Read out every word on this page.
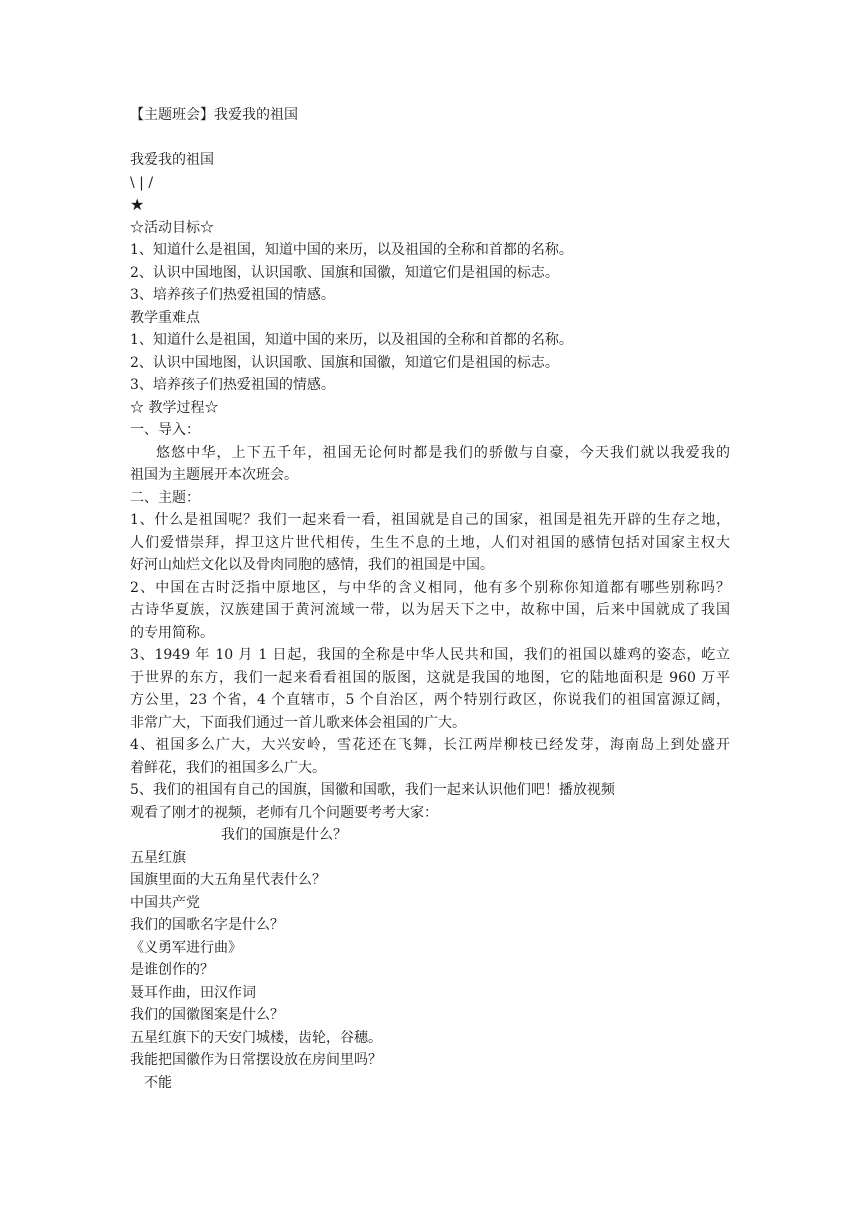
【主题班会】我爱我的祖国
我爱我的祖国
\ | /
★
☆活动目标☆
1、知道什么是祖国，知道中国的来历，以及祖国的全称和首都的名称。
2、认识中国地图，认识国歌、国旗和国徽，知道它们是祖国的标志。
3、培养孩子们热爱祖国的情感。
教学重难点
1、知道什么是祖国，知道中国的来历，以及祖国的全称和首都的名称。
2、认识中国地图，认识国歌、国旗和国徽，知道它们是祖国的标志。
3、培养孩子们热爱祖国的情感。
☆ 教学过程☆
一、导入：
悠悠中华，上下五千年，祖国无论何时都是我们的骄傲与自豪，今天我们就以我爱我的
祖国为主题展开本次班会。
二、主题：
1、什么是祖国呢？我们一起来看一看，祖国就是自己的国家，祖国是祖先开辟的生存之地，
人们爱惜崇拜，捍卫这片世代相传，生生不息的土地，人们对祖国的感情包括对国家主权大
好河山灿烂文化以及骨肉同胞的感情，我们的祖国是中国。
2、中国在古时泛指中原地区，与中华的含义相同，他有多个别称你知道都有哪些别称吗？
古诗华夏族，汉族建国于黄河流域一带，以为居天下之中，故称中国，后来中国就成了我国
的专用简称。
3、1949 年 10 月 1 日起，我国的全称是中华人民共和国，我们的祖国以雄鸡的姿态，屹立
于世界的东方，我们一起来看看祖国的版图，这就是我国的地图，它的陆地面积是 960 万平
方公里，23 个省，4 个直辖市，5 个自治区，两个特别行政区，你说我们的祖国富源辽阔，
非常广大，下面我们通过一首儿歌来体会祖国的广大。
4、祖国多么广大，大兴安岭，雪花还在飞舞，长江两岸柳枝已经发芽，海南岛上到处盛开
着鲜花，我们的祖国多么广大。
5、我们的祖国有自己的国旗，国徽和国歌，我们一起来认识他们吧！播放视频
观看了刚才的视频，老师有几个问题要考考大家：
我们的国旗是什么？
五星红旗
国旗里面的大五角星代表什么？
中国共产党
我们的国歌名字是什么？
《义勇军进行曲》
是谁创作的？
聂耳作曲，田汉作词
我们的国徽图案是什么？
五星红旗下的天安门城楼，齿轮，谷穗。
我能把国徽作为日常摆设放在房间里吗？
不能
